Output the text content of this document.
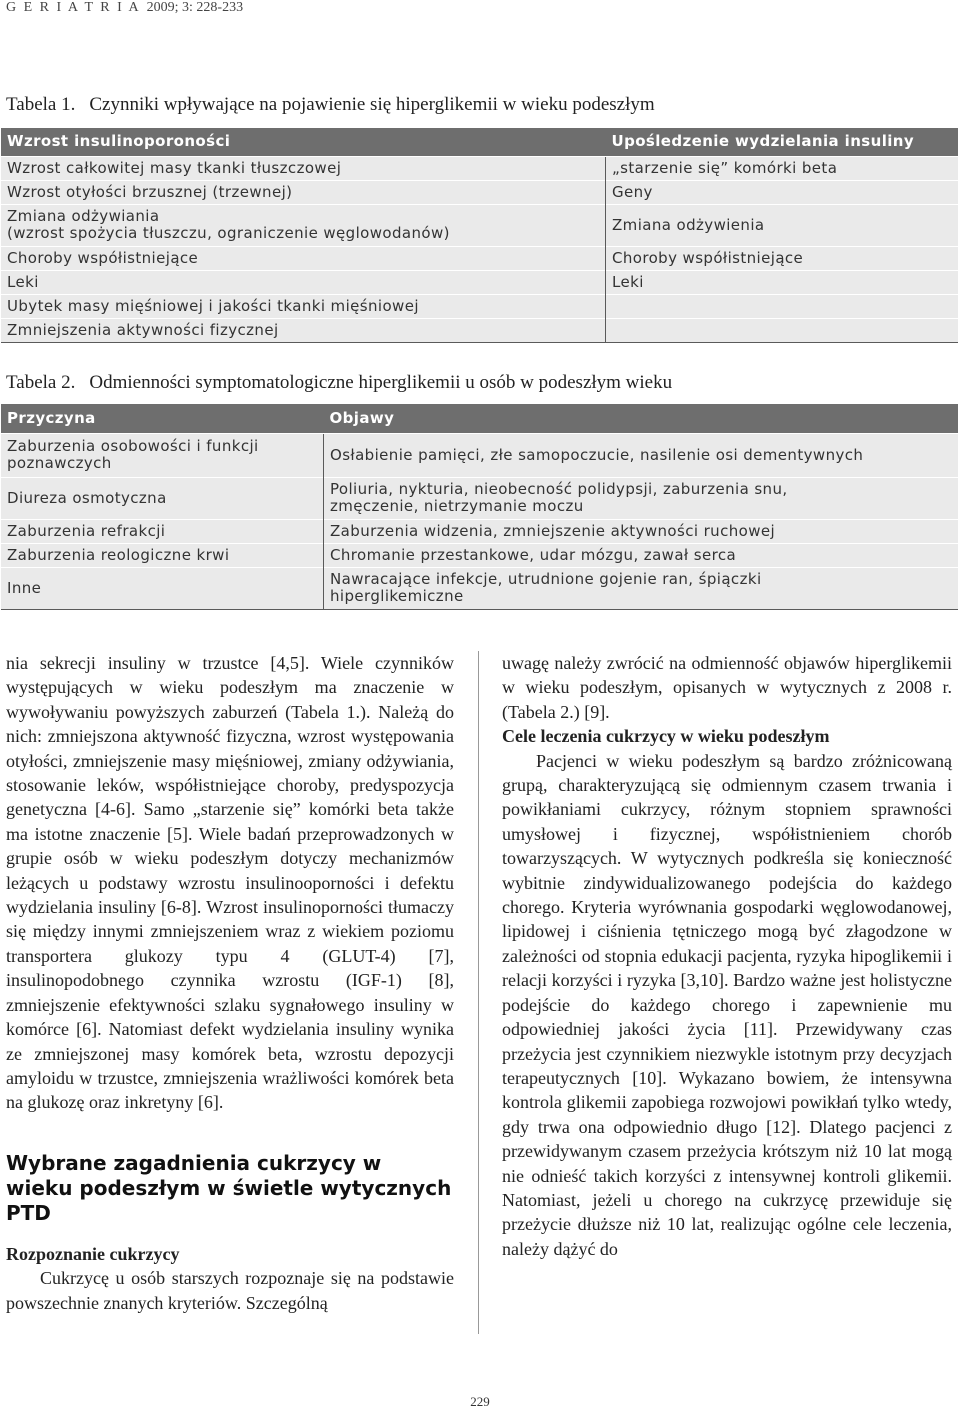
G E R I A T R I A 2009; 3: 228-233
Tabela 1. Czynniki wpływające na pojawienie się hiperglikemii w wieku podeszłym
Wzrost insulinoporoności	Upośledzenie wydzielania insuliny
Wzrost całkowitej masy tkanki tłuszczowej	„starzenie się” komórki beta
Wzrost otyłości brzusznej (trzewnej)	Geny
Zmiana odżywiania
(wzrost spożycia tłuszczu, ograniczenie węglowodanów)	Zmiana odżywienia
Choroby współistniejące	Choroby współistniejące
Leki	Leki
Ubytek masy mięśniowej i jakości tkanki mięśniowej	
Zmniejszenia aktywności fizycznej	
Tabela 2. Odmienności symptomatologiczne hiperglikemii u osób w podeszłym wieku
Przyczyna	Objawy
Zaburzenia osobowości i funkcji
poznawczych	Osłabienie pamięci, złe samopoczucie, nasilenie osi dementywnych
Diureza osmotyczna	Poliuria, nykturia, nieobecność polidypsji, zaburzenia snu,
zmęczenie, nietrzymanie moczu
Zaburzenia refrakcji	Zaburzenia widzenia, zmniejszenie aktywności ruchowej
Zaburzenia reologiczne krwi	Chromanie przestankowe, udar mózgu, zawał serca
Inne	Nawracające infekcje, utrudnione gojenie ran, śpiączki
hiperglikemiczne

nia sekrecji insuliny w trzustce [4,5]. Wiele czynników występujących w wieku podeszłym ma znaczenie w wywoływaniu powyższych zaburzeń (Tabela 1.). Należą do nich: zmniejszona aktywność fizyczna, wzrost występowania otyłości, zmniejszenie masy mięśniowej, zmiany odżywiania, stosowanie leków, współistniejące choroby, predyspozycja genetyczna [4-6]. Samo „starzenie się” komórki beta także ma istotne znaczenie [5]. Wiele badań przeprowadzonych w grupie osób w wieku podeszłym dotyczy mechanizmów leżących u podstawy wzrostu insulinooporności i defektu wydzielania insuliny [6-8]. Wzrost insulinoporności tłumaczy się między innymi zmniejszeniem wraz z wiekiem poziomu transportera glukozy typu 4 (GLUT-4) [7], insulinopodobnego czynnika wzrostu (IGF-1) [8], zmniejszenie efektywności szlaku sygnałowego insuliny w komórce [6]. Natomiast defekt wydzielania insuliny wynika ze zmniejszonej masy komórek beta, wzrostu depozycji amyloidu w trzustce, zmniejszenia wrażliwości komórek beta na glukozę oraz inkretyny [6].

Wybrane zagadnienia cukrzycy w wieku podeszłym w świetle wytycznych PTD

Rozpoznanie cukrzycy

Cukrzycę u osób starszych rozpoznaje się na podstawie powszechnie znanych kryteriów. Szczególną

uwagę należy zwrócić na odmienność objawów hiperglikemii w wieku podeszłym, opisanych w wytycznych z 2008 r. (Tabela 2.) [9].

Cele leczenia cukrzycy w wieku podeszłym

Pacjenci w wieku podeszłym są bardzo zróżnicowaną grupą, charakteryzującą się odmiennym czasem trwania i powikłaniami cukrzycy, różnym stopniem sprawności umysłowej i fizycznej, współistnieniem chorób towarzyszących. W wytycznych podkreśla się konieczność wybitnie zindywidualizowanego podejścia do każdego chorego. Kryteria wyrównania gospodarki węglowodanowej, lipidowej i ciśnienia tętniczego mogą być złagodzone w zależności od stopnia edukacji pacjenta, ryzyka hipoglikemii i relacji korzyści i ryzyka [3,10]. Bardzo ważne jest holistyczne podejście do każdego chorego i zapewnienie mu odpowiedniej jakości życia [11]. Przewidywany czas przeżycia jest czynnikiem niezwykle istotnym przy decyzjach terapeutycznych [10]. Wykazano bowiem, że intensywna kontrola glikemii zapobiega rozwojowi powikłań tylko wtedy, gdy trwa ona odpowiednio długo [12]. Dlatego pacjenci z przewidywanym czasem przeżycia krótszym niż 10 lat mogą nie odnieść takich korzyści z intensywnej kontroli glikemii. Natomiast, jeżeli u chorego na cukrzycę przewiduje się przeżycie dłuższe niż 10 lat, realizując ogólne cele leczenia, należy dążyć do

229
